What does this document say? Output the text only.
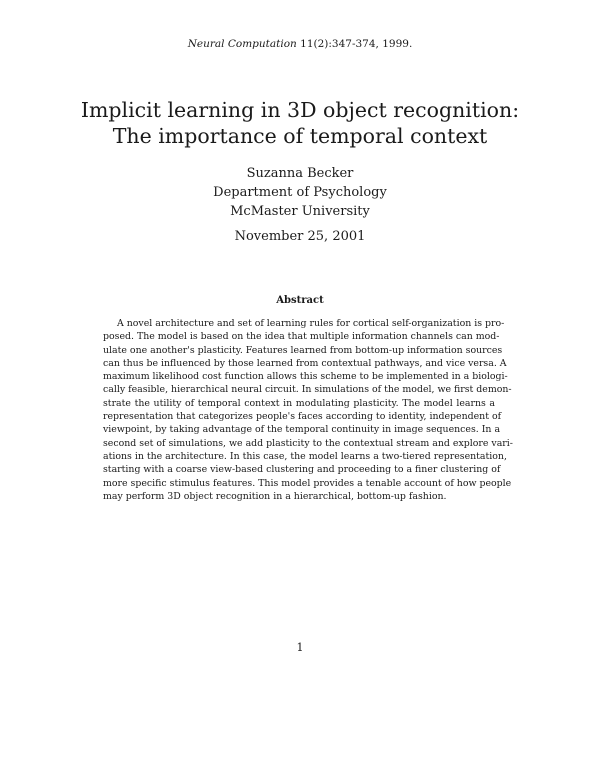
Neural Computation 11(2):347-374, 1999.
Implicit learning in 3D object recognition:
The importance of temporal context
Suzanna Becker
Department of Psychology
McMaster University
November 25, 2001
Abstract
A novel architecture and set of learning rules for cortical self-organization is pro-
posed. The model is based on the idea that multiple information channels can mod-
ulate one another's plasticity. Features learned from bottom-up information sources
can thus be influenced by those learned from contextual pathways, and vice versa. A
maximum likelihood cost function allows this scheme to be implemented in a biologi-
cally feasible, hierarchical neural circuit. In simulations of the model, we first demon-
strate the utility of temporal context in modulating plasticity. The model learns a
representation that categorizes people's faces according to identity, independent of
viewpoint, by taking advantage of the temporal continuity in image sequences. In a
second set of simulations, we add plasticity to the contextual stream and explore vari-
ations in the architecture. In this case, the model learns a two-tiered representation,
starting with a coarse view-based clustering and proceeding to a finer clustering of
more specific stimulus features. This model provides a tenable account of how people
may perform 3D object recognition in a hierarchical, bottom-up fashion.
1
